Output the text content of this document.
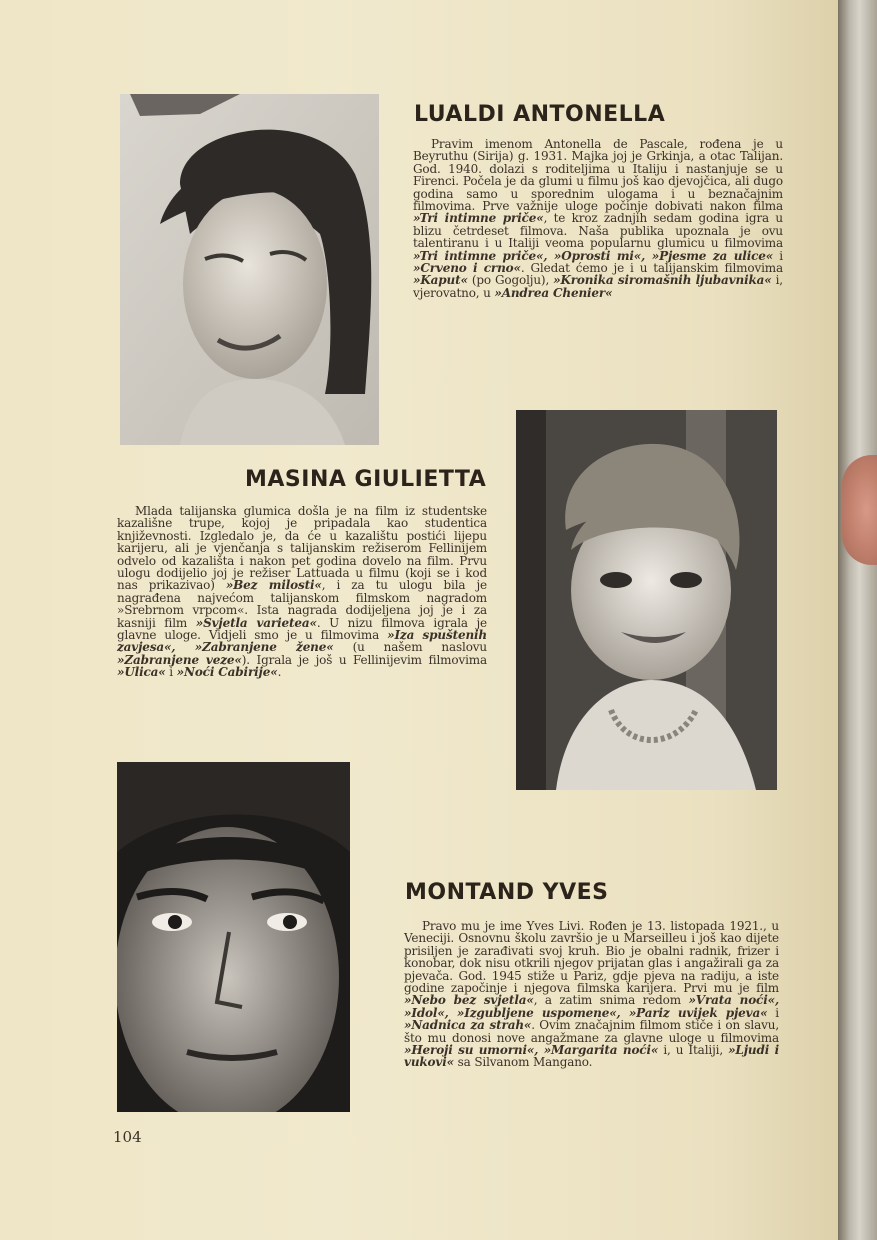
LUALDI ANTONELLA

Pravim imenom Antonella de Pascale, rođena je u Beyruthu (Sirija) g. 1931. Majka joj je Grkinja, a otac Talijan. God. 1940. dolazi s roditeljima u Italiju i nastanjuje se u Firenci. Počela je da glumi u filmu još kao djevojčica, ali dugo godina samo u sporednim ulogama i u beznačajnim filmovima. Prve važnije uloge počinje dobivati nakon filma »Tri intimne priče«, te kroz zadnjih sedam godina igra u blizu četrdeset filmova. Naša publika upoznala je ovu talentiranu i u Italiji veoma popularnu glumicu u filmovima »Tri intimne priče«, »Oprosti mi«, »Pjesme za ulice« i »Crveno i crno«. Gledat ćemo je i u talijanskim filmovima »Kaput« (po Gogolju), »Kronika siromašnih ljubavnika« i, vjerovatno, u »Andrea Chenier«

MASINA GIULIETTA

Mlada talijanska glumica došla je na film iz studentske kazališne trupe, kojoj je pripadala kao studentica književnosti. Izgledalo je, da će u kazalištu postići lijepu karijeru, ali je vjenčanja s talijanskim režiserom Fellinijem odvelo od kazališta i nakon pet godina dovelo na film. Prvu ulogu dodijelio joj je režiser Lattuada u filmu (koji se i kod nas prikazivao) »Bez milosti«, i za tu ulogu bila je nagrađena najvećom talijanskom filmskom nagradom »Srebrnom vrpcom«. Ista nagrada dodijeljena joj je i za kasniji film »Svjetla varietea«. U nizu filmova igrala je glavne uloge. Vidjeli smo je u filmovima »Iza spuštenih zavjesa«, »Zabranjene žene« (u našem naslovu »Zabranjene veze«). Igrala je još u Fellinijevim filmovima »Ulica« i »Noći Cabirije«.

MONTAND YVES

Pravo mu je ime Yves Livi. Rođen je 13. listopada 1921., u Veneciji. Osnovnu školu završio je u Marseilleu i još kao dijete prisiljen je zarađivati svoj kruh. Bio je obalni radnik, frizer i konobar, dok nisu otkrili njegov prijatan glas i angažirali ga za pjevača. God. 1945 stiže u Pariz, gdje pjeva na radiju, a iste godine započinje i njegova filmska karijera. Prvi mu je film »Nebo bez svjetla«, a zatim snima redom »Vrata noći«, »Idol«, »Izgubljene uspomene«, »Pariz uvijek pjeva« i »Nadnica za strah«. Ovim značajnim filmom stiče i on slavu, što mu donosi nove angažmane za glavne uloge u filmovima »Heroji su umorni«, »Margarita noći« i, u Italiji, »Ljudi i vukovi« sa Silvanom Mangano.

104
